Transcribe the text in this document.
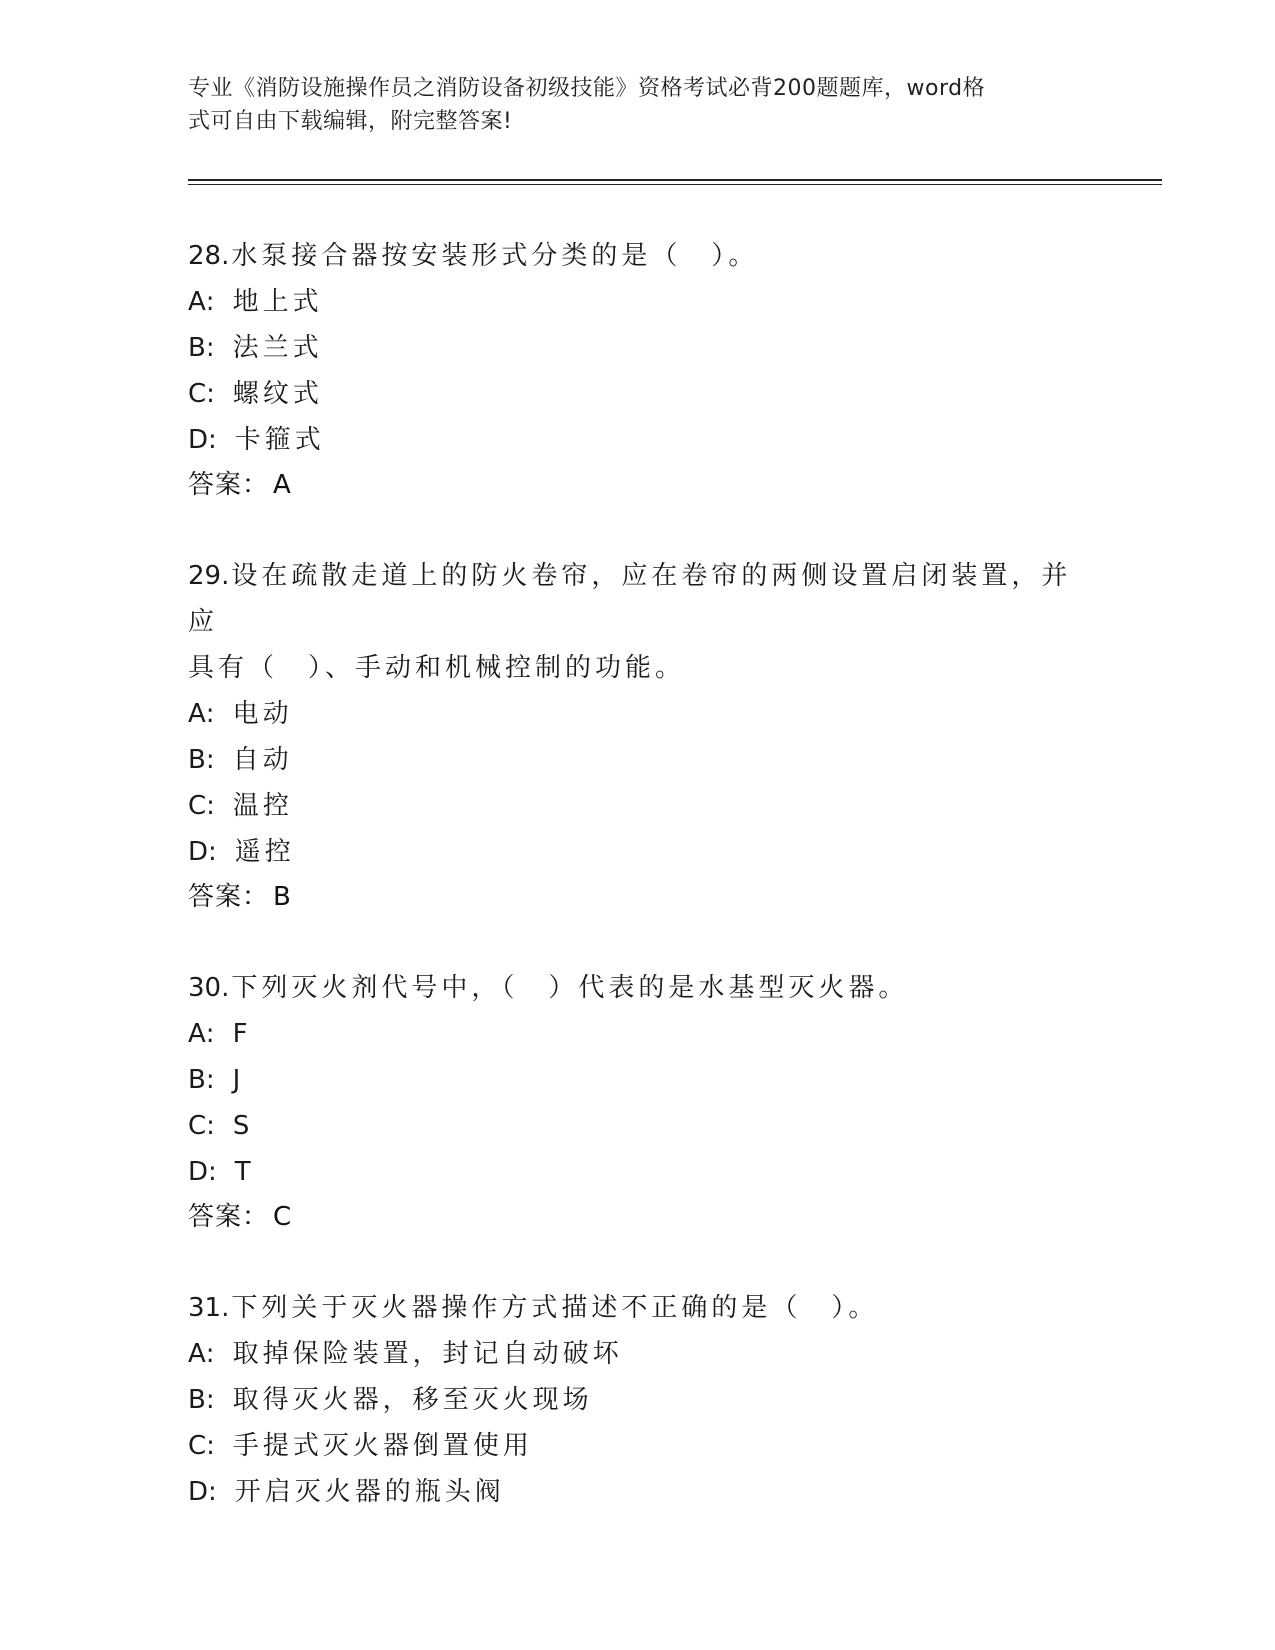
专业《消防设施操作员之消防设备初级技能》资格考试必背200题题库，word格
式可自由下载编辑，附完整答案!
28.水泵接合器按安装形式分类的是（　）。
A: 地上式
B: 法兰式
C: 螺纹式
D: 卡箍式
答案： A
29.设在疏散走道上的防火卷帘，应在卷帘的两侧设置启闭装置，并应
具有（　）、手动和机械控制的功能。
A: 电动
B: 自动
C: 温控
D: 遥控
答案： B
30.下列灭火剂代号中，（　）代表的是水基型灭火器。
A: F
B: J
C: S
D: T
答案： C
31.下列关于灭火器操作方式描述不正确的是（　）。
A: 取掉保险装置，封记自动破坏
B: 取得灭火器，移至灭火现场
C: 手提式灭火器倒置使用
D: 开启灭火器的瓶头阀
